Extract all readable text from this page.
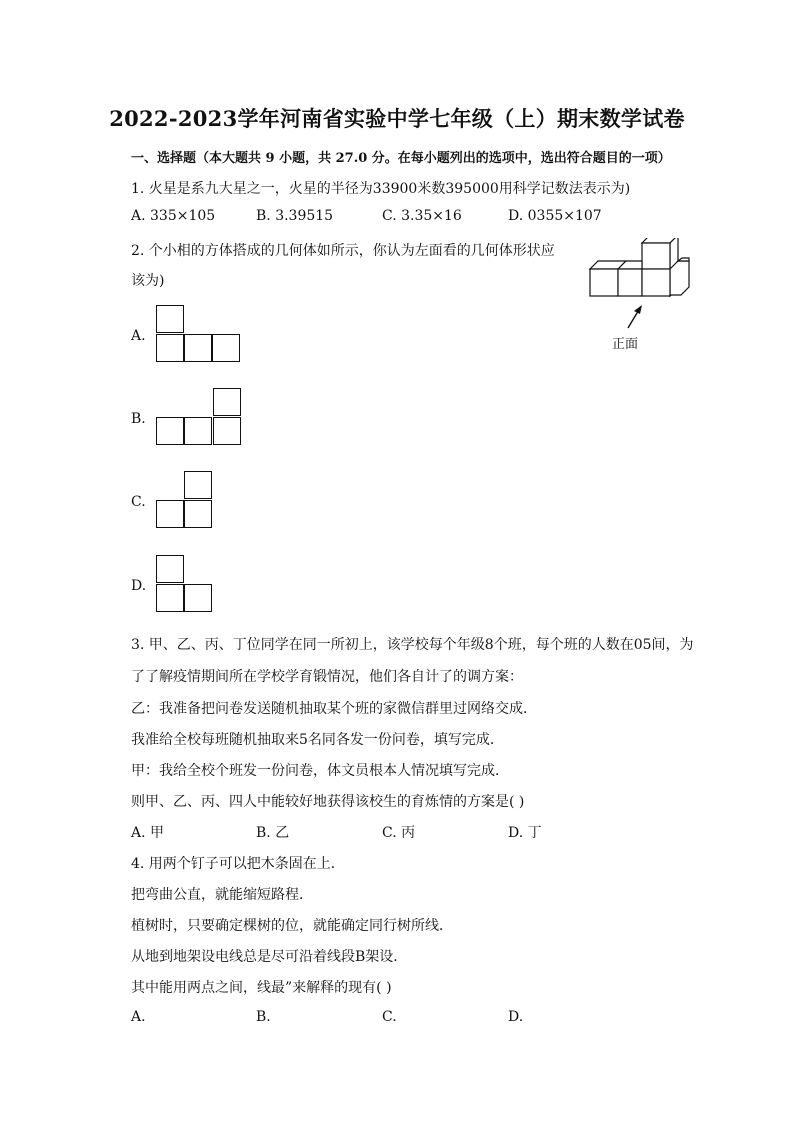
2022-2023学年河南省实验中学七年级（上）期末数学试卷
一、选择题（本大题共 9 小题，共 27.0 分。在每小题列出的选项中，选出符合题目的一项）
1. 火星是系九大星之一，火星的半径为33900米数395000用科学记数法表示为)
A. 335×105	B. 3.39515	C. 3.35×16	D. 0355×107
2. 个小相的方体搭成的几何体如所示，你认为左面看的几何体形状应
该为)
正面
A.
B.
C.
D.
3. 甲、乙、丙、丁位同学在同一所初上，该学校每个年级8个班，每个班的人数在05间，为
了了解疫情期间所在学校学育锻情况，他们各自计了的调方案：
乙：我准备把问卷发送随机抽取某个班的家微信群里过网络交成．
我准给全校每班随机抽取来5名同各发一份问卷，填写完成．
甲：我给全校个班发一份问卷，体文员根本人情况填写完成．
则甲、乙、丙、四人中能较好地获得该校生的育炼情的方案是( )
A. 甲	B. 乙	C. 丙	D. 丁
4. 用两个钉子可以把木条固在上．
把弯曲公直，就能缩短路程．
植树时，只要确定棵树的位，就能确定同行树所线．
从地到地架设电线总是尽可沿着线段B架设．
其中能用两点之间，线最”来解释的现有( )
A.	B.	C.	D.
